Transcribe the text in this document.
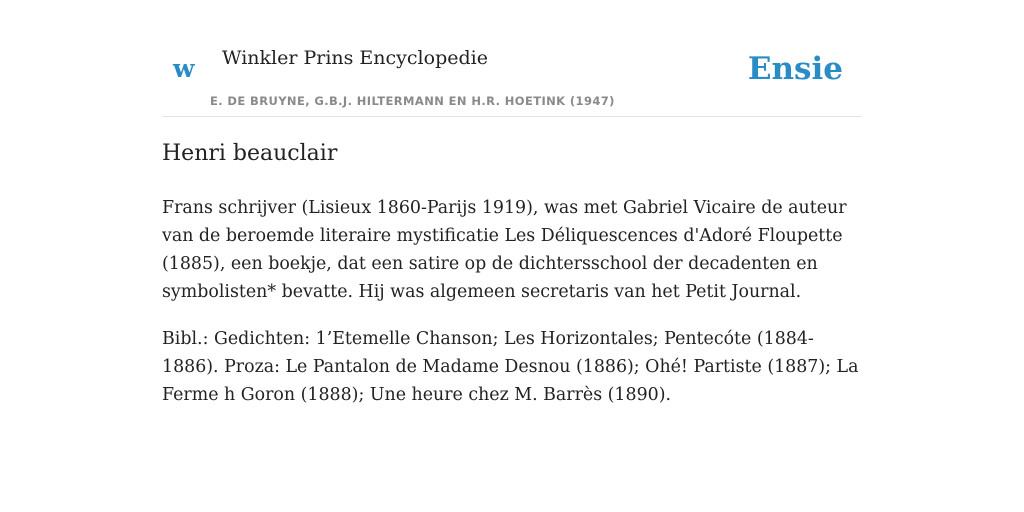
w Winkler Prins Encyclopedie
E. DE BRUYNE, G.B.J. HILTERMANN EN H.R. HOETINK (1947)
Ensie
Henri beauclair

Frans schrijver (Lisieux 1860-Parijs 1919), was met Gabriel Vicaire de auteur van de beroemde literaire mystificatie Les Déliquescences d'Adoré Floupette (1885), een boekje, dat een satire op de dichtersschool der decadenten en symbolisten* bevatte. Hij was algemeen secretaris van het Petit Journal.

Bibl.: Gedichten: 1’Etemelle Chanson; Les Horizontales; Pentecóte (1884-1886). Proza: Le Pantalon de Madame Desnou (1886); Ohé! Partiste (1887); La Ferme h Goron (1888); Une heure chez M. Barrès (1890).
